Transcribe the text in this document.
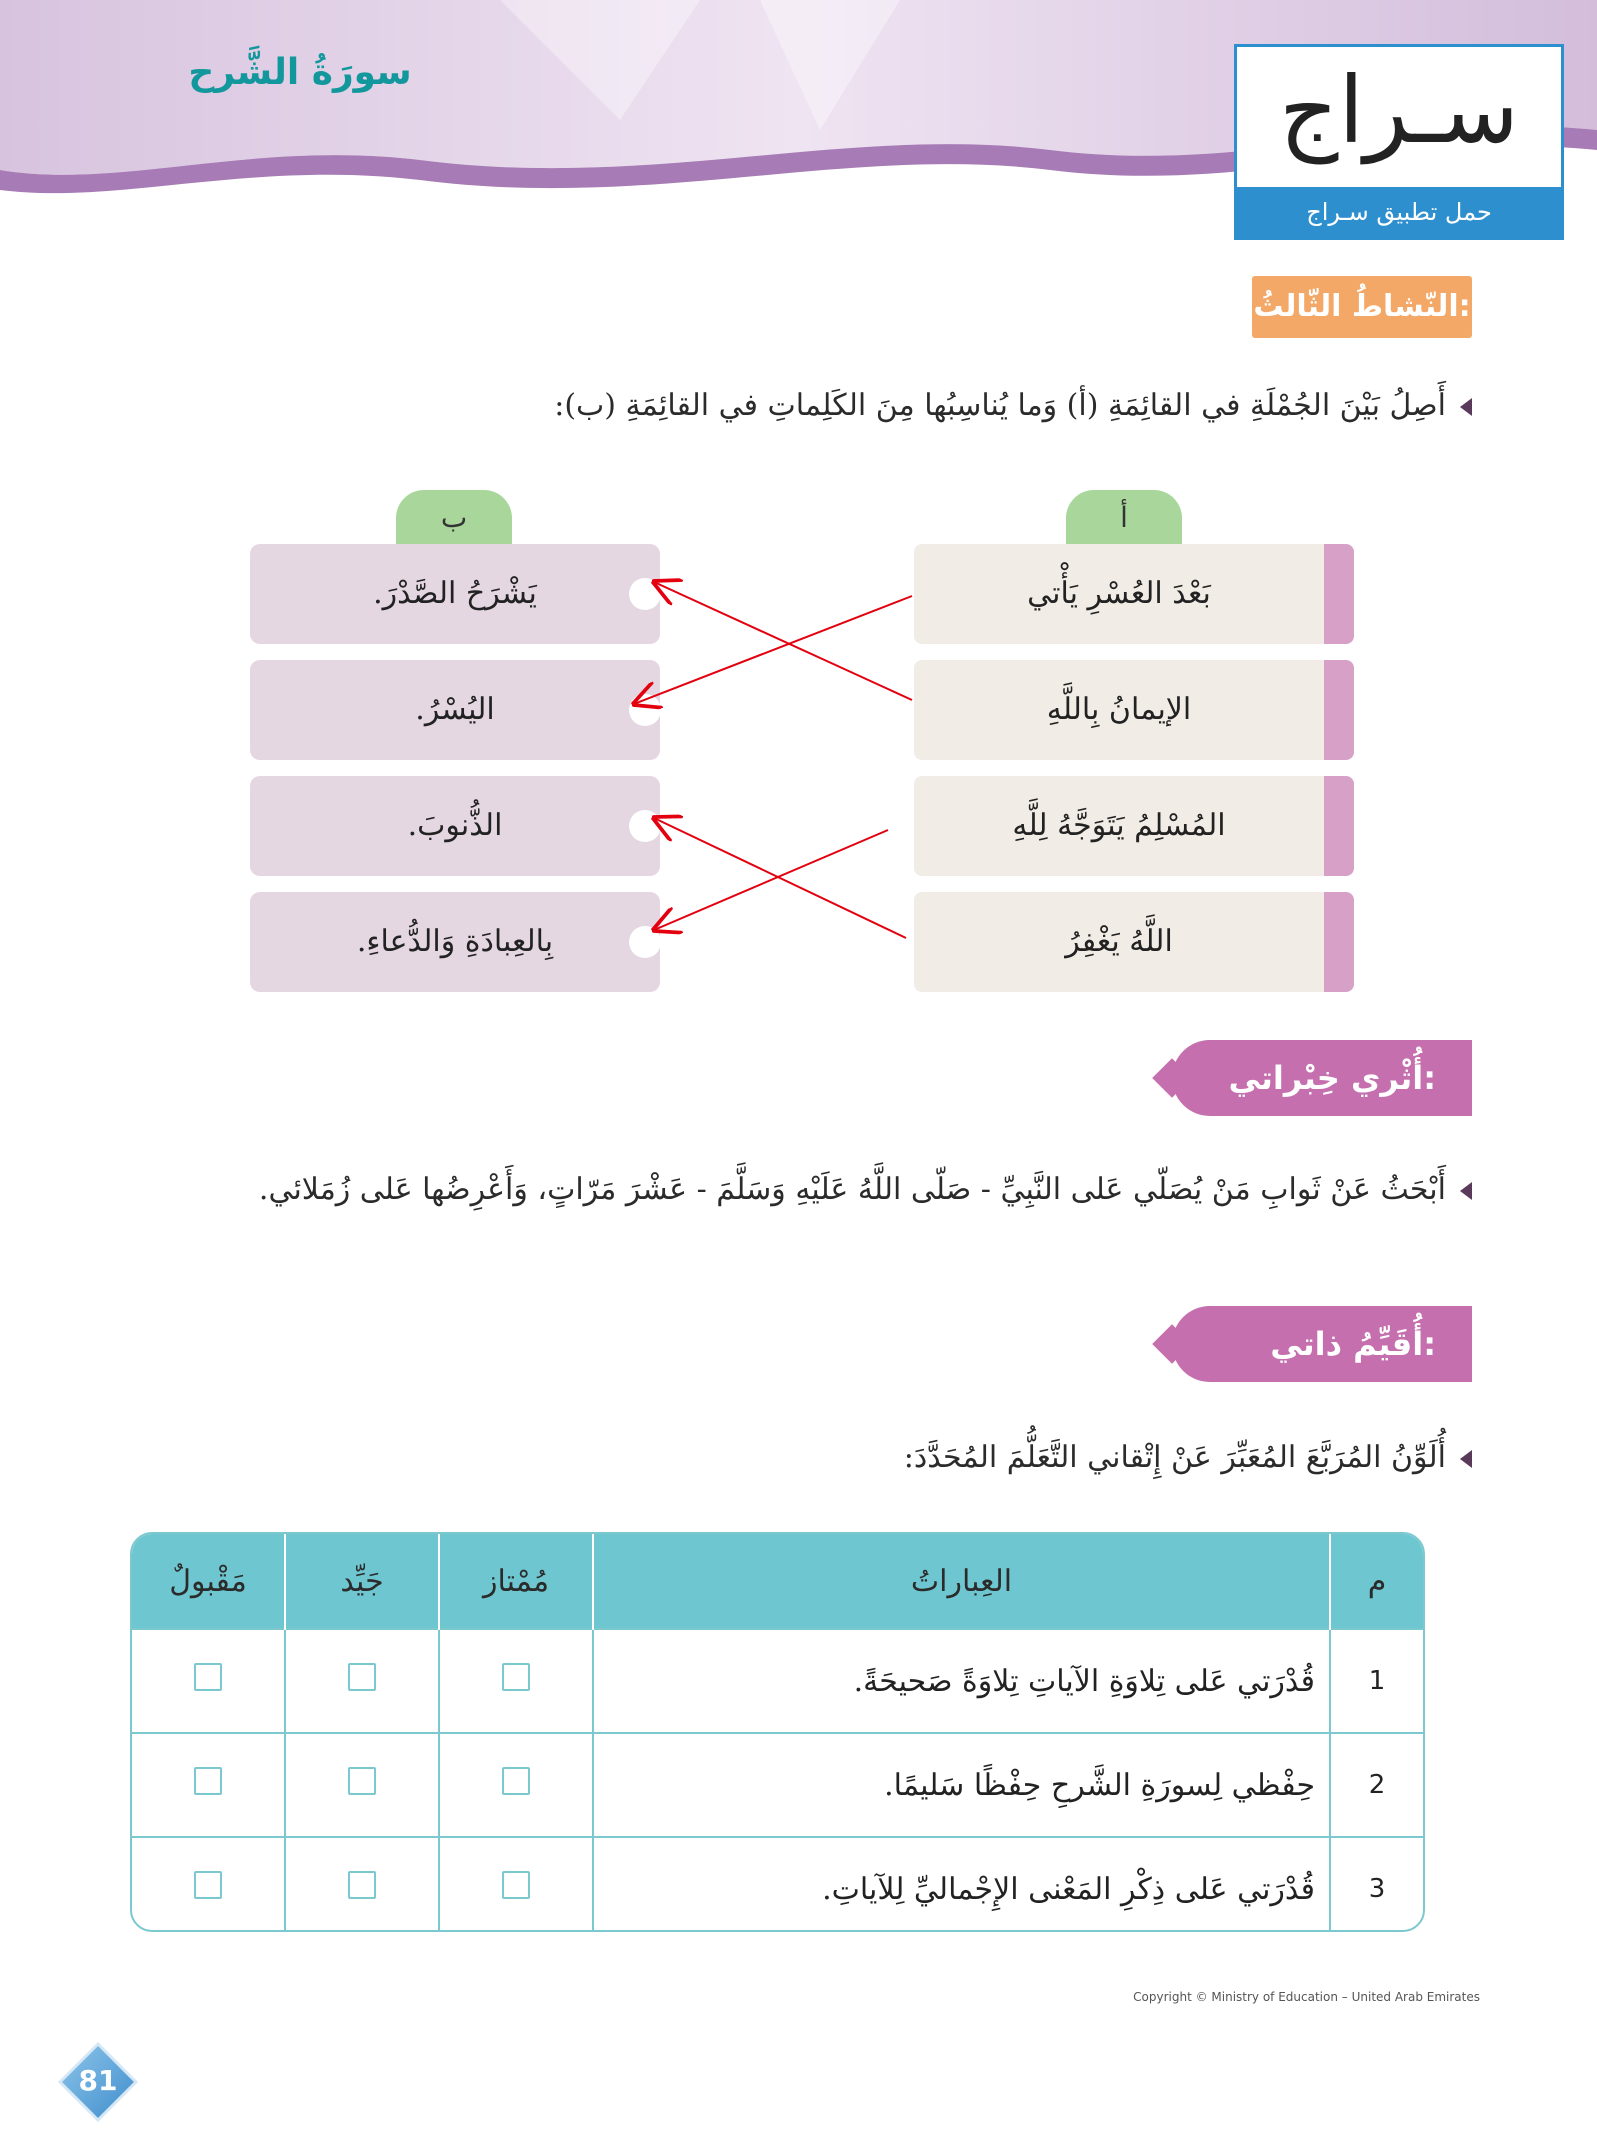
سورَةُ الشَّرح	سـراج
حمل تطبيق سـراج
النّشاطُ الثّالثُ:
أَصِلُ بَيْنَ الجُمْلَةِ في القائِمَةِ (أ) وَما يُناسِبُها مِنَ الكَلِماتِ في القائِمَةِ (ب):
أ
ب
بَعْدَ العُسْرِ يَأْتي
الإيمانُ بِاللَّهِ
المُسْلِمُ يَتَوَجَّهُ لِلَّهِ
اللَّهُ يَغْفِرُ
يَشْرَحُ الصَّدْرَ.
اليُسْرُ.
الذُّنوبَ.
بِالعِبادَةِ وَالدُّعاءِ.
أُثْري خِبْراتي:
أَبْحَثُ عَنْ ثَوابِ مَنْ يُصَلّي عَلى النَّبِيِّ - صَلّى اللَّهُ عَلَيْهِ وَسَلَّمَ - عَشْرَ مَرّاتٍ، وَأَعْرِضُها عَلى زُمَلائي.
أُقَيِّمُ ذاتي:
أُلَوِّنُ المُرَبَّعَ المُعَبِّرَ عَنْ إِتْقاني التَّعَلُّمَ المُحَدَّدَ:
م	العِباراتُ	مُمْتاز	جَيِّد	مَقْبولٌ
1	قُدْرَتي عَلى تِلاوَةِ الآياتِ تِلاوَةً صَحيحَةً.			
2	حِفْظي لِسورَةِ الشَّرحِ حِفْظًا سَليمًا.			
3	قُدْرَتي عَلى ذِكْرِ المَعْنى الإِجْماليِّ لِلآياتِ.			
Copyright © Ministry of Education – United Arab Emirates
81
